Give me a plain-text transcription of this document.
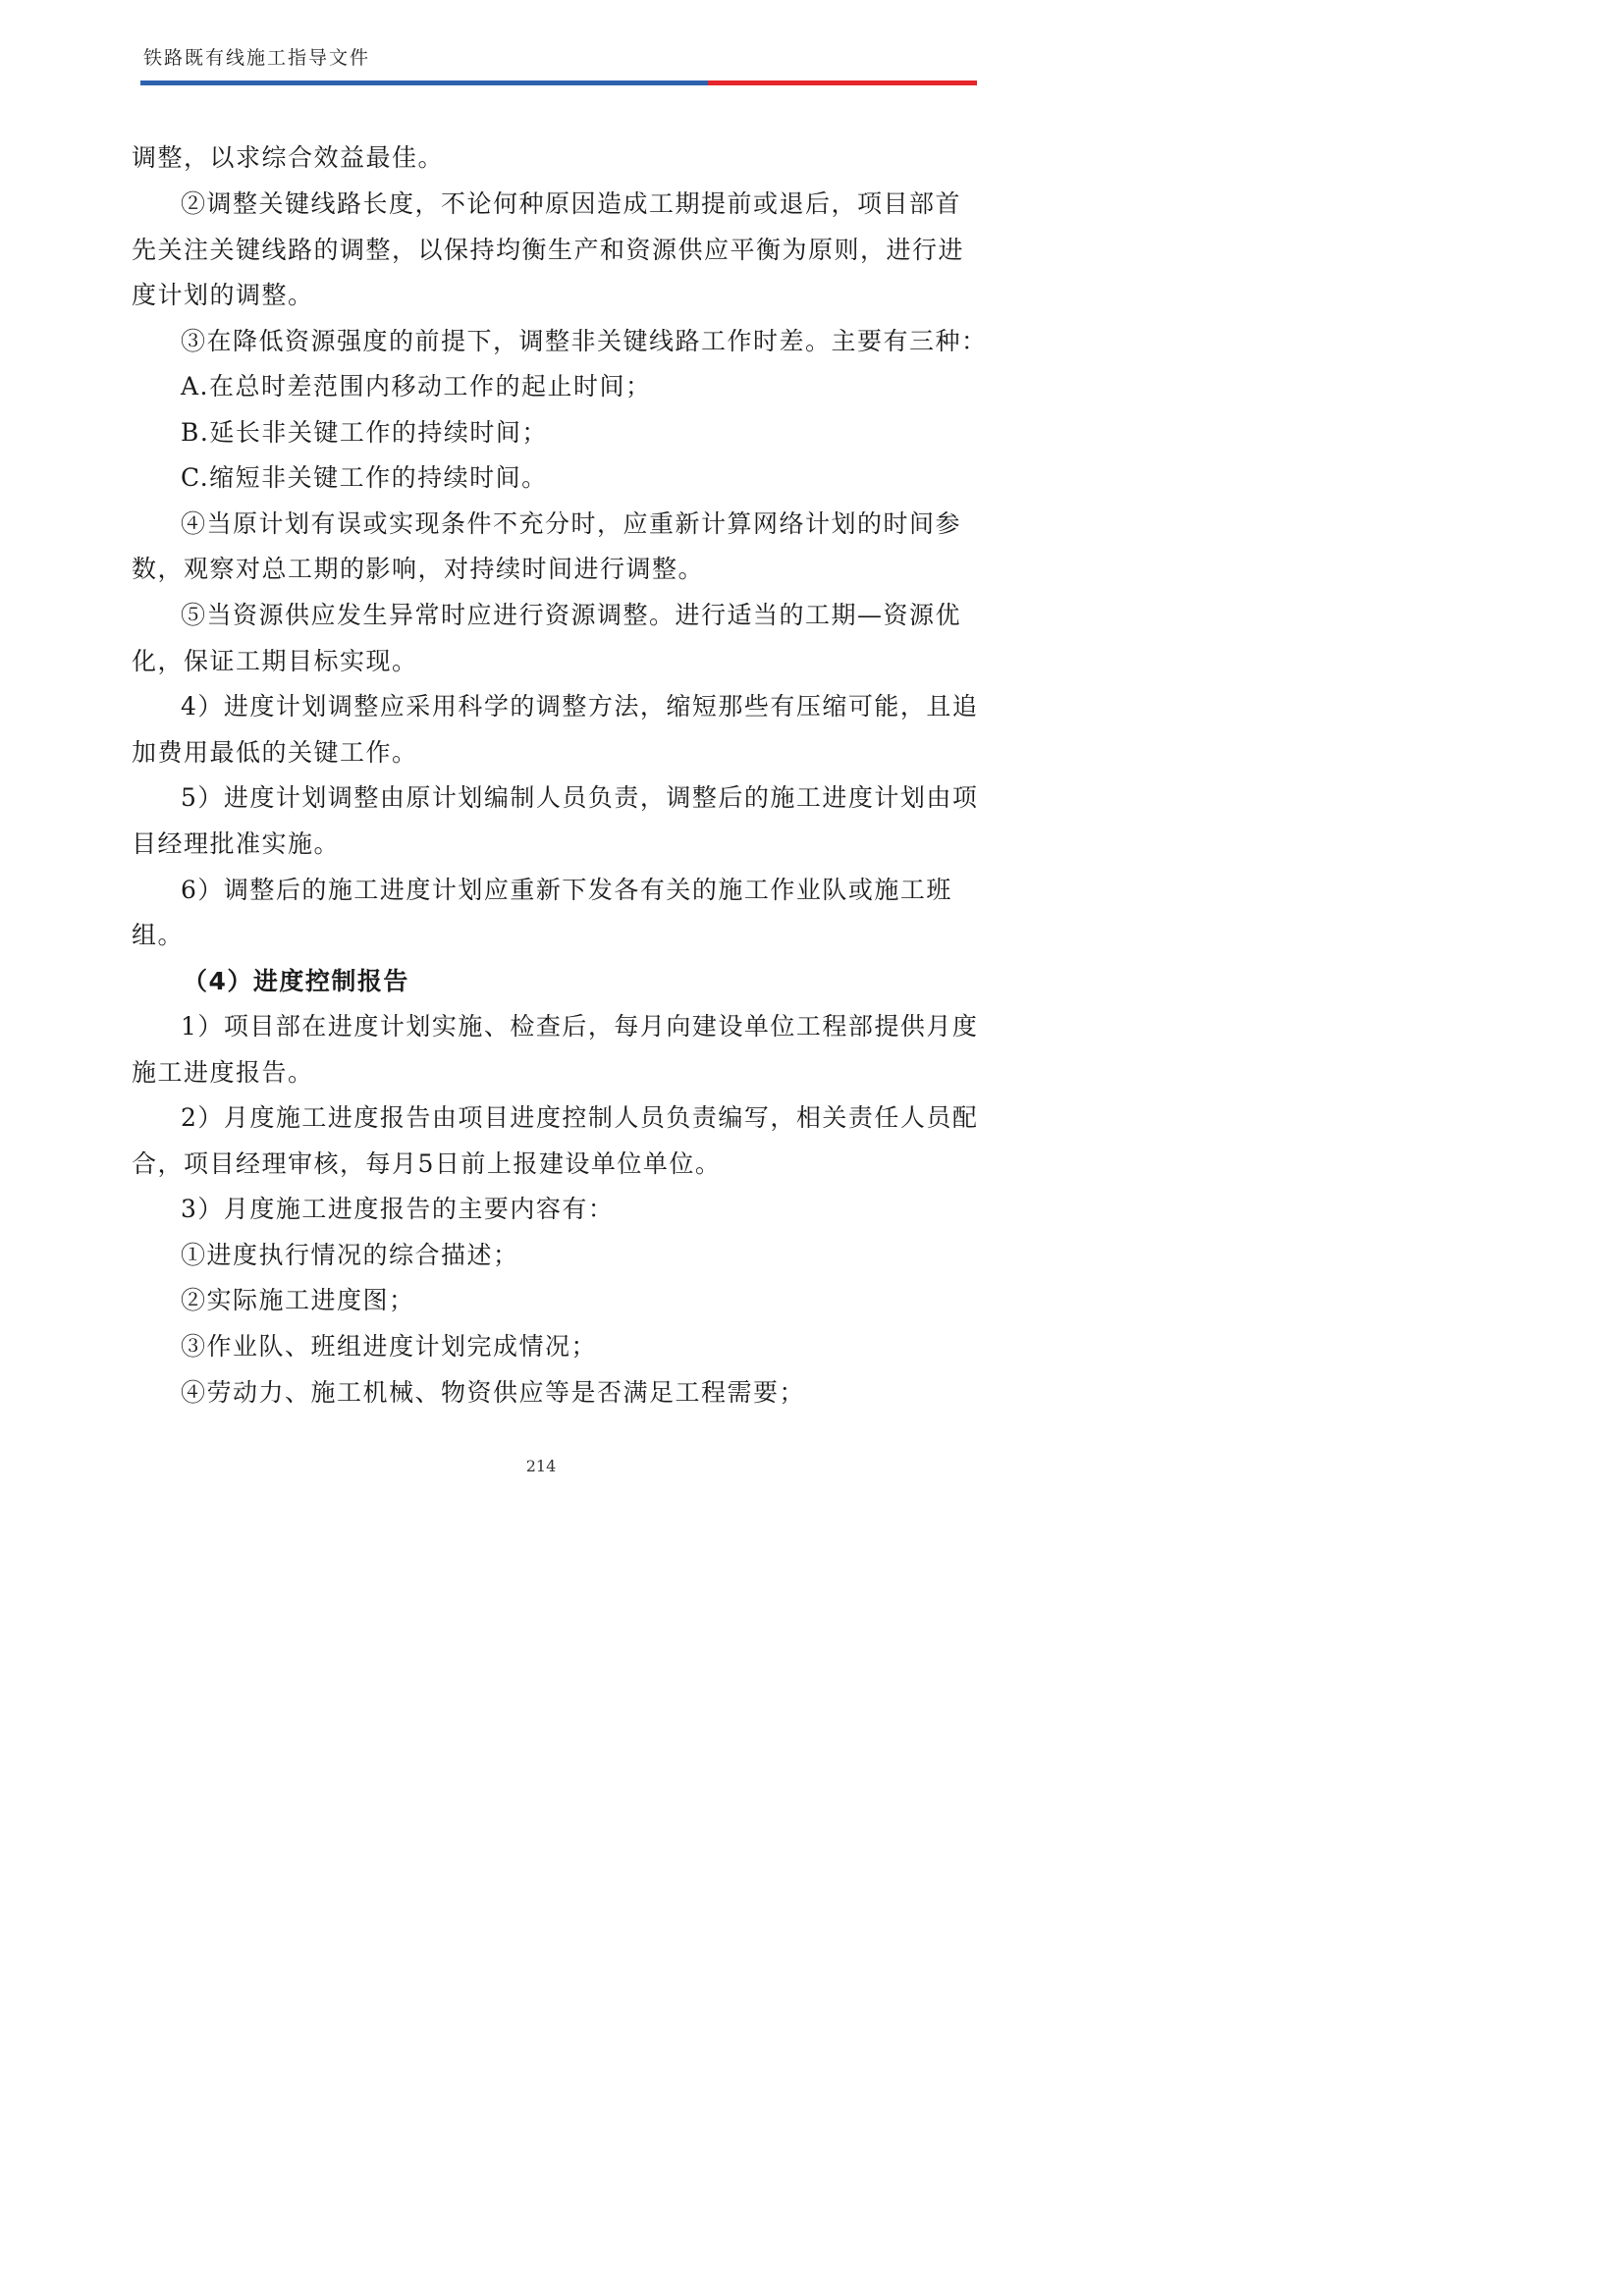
铁路既有线施工指导文件
调整，以求综合效益最佳。
②调整关键线路长度，不论何种原因造成工期提前或退后，项目部首
先关注关键线路的调整，以保持均衡生产和资源供应平衡为原则，进行进
度计划的调整。
③在降低资源强度的前提下，调整非关键线路工作时差。主要有三种：
A.在总时差范围内移动工作的起止时间；
B.延长非关键工作的持续时间；
C.缩短非关键工作的持续时间。
④当原计划有误或实现条件不充分时，应重新计算网络计划的时间参
数，观察对总工期的影响，对持续时间进行调整。
⑤当资源供应发生异常时应进行资源调整。进行适当的工期—资源优
化，保证工期目标实现。
4）进度计划调整应采用科学的调整方法，缩短那些有压缩可能，且追
加费用最低的关键工作。
5）进度计划调整由原计划编制人员负责，调整后的施工进度计划由项
目经理批准实施。
6）调整后的施工进度计划应重新下发各有关的施工作业队或施工班
组。
（4）进度控制报告
1）项目部在进度计划实施、检查后，每月向建设单位工程部提供月度
施工进度报告。
2）月度施工进度报告由项目进度控制人员负责编写，相关责任人员配
合，项目经理审核，每月5日前上报建设单位单位。
3）月度施工进度报告的主要内容有：
①进度执行情况的综合描述；
②实际施工进度图；
③作业队、班组进度计划完成情况；
④劳动力、施工机械、物资供应等是否满足工程需要；
214
